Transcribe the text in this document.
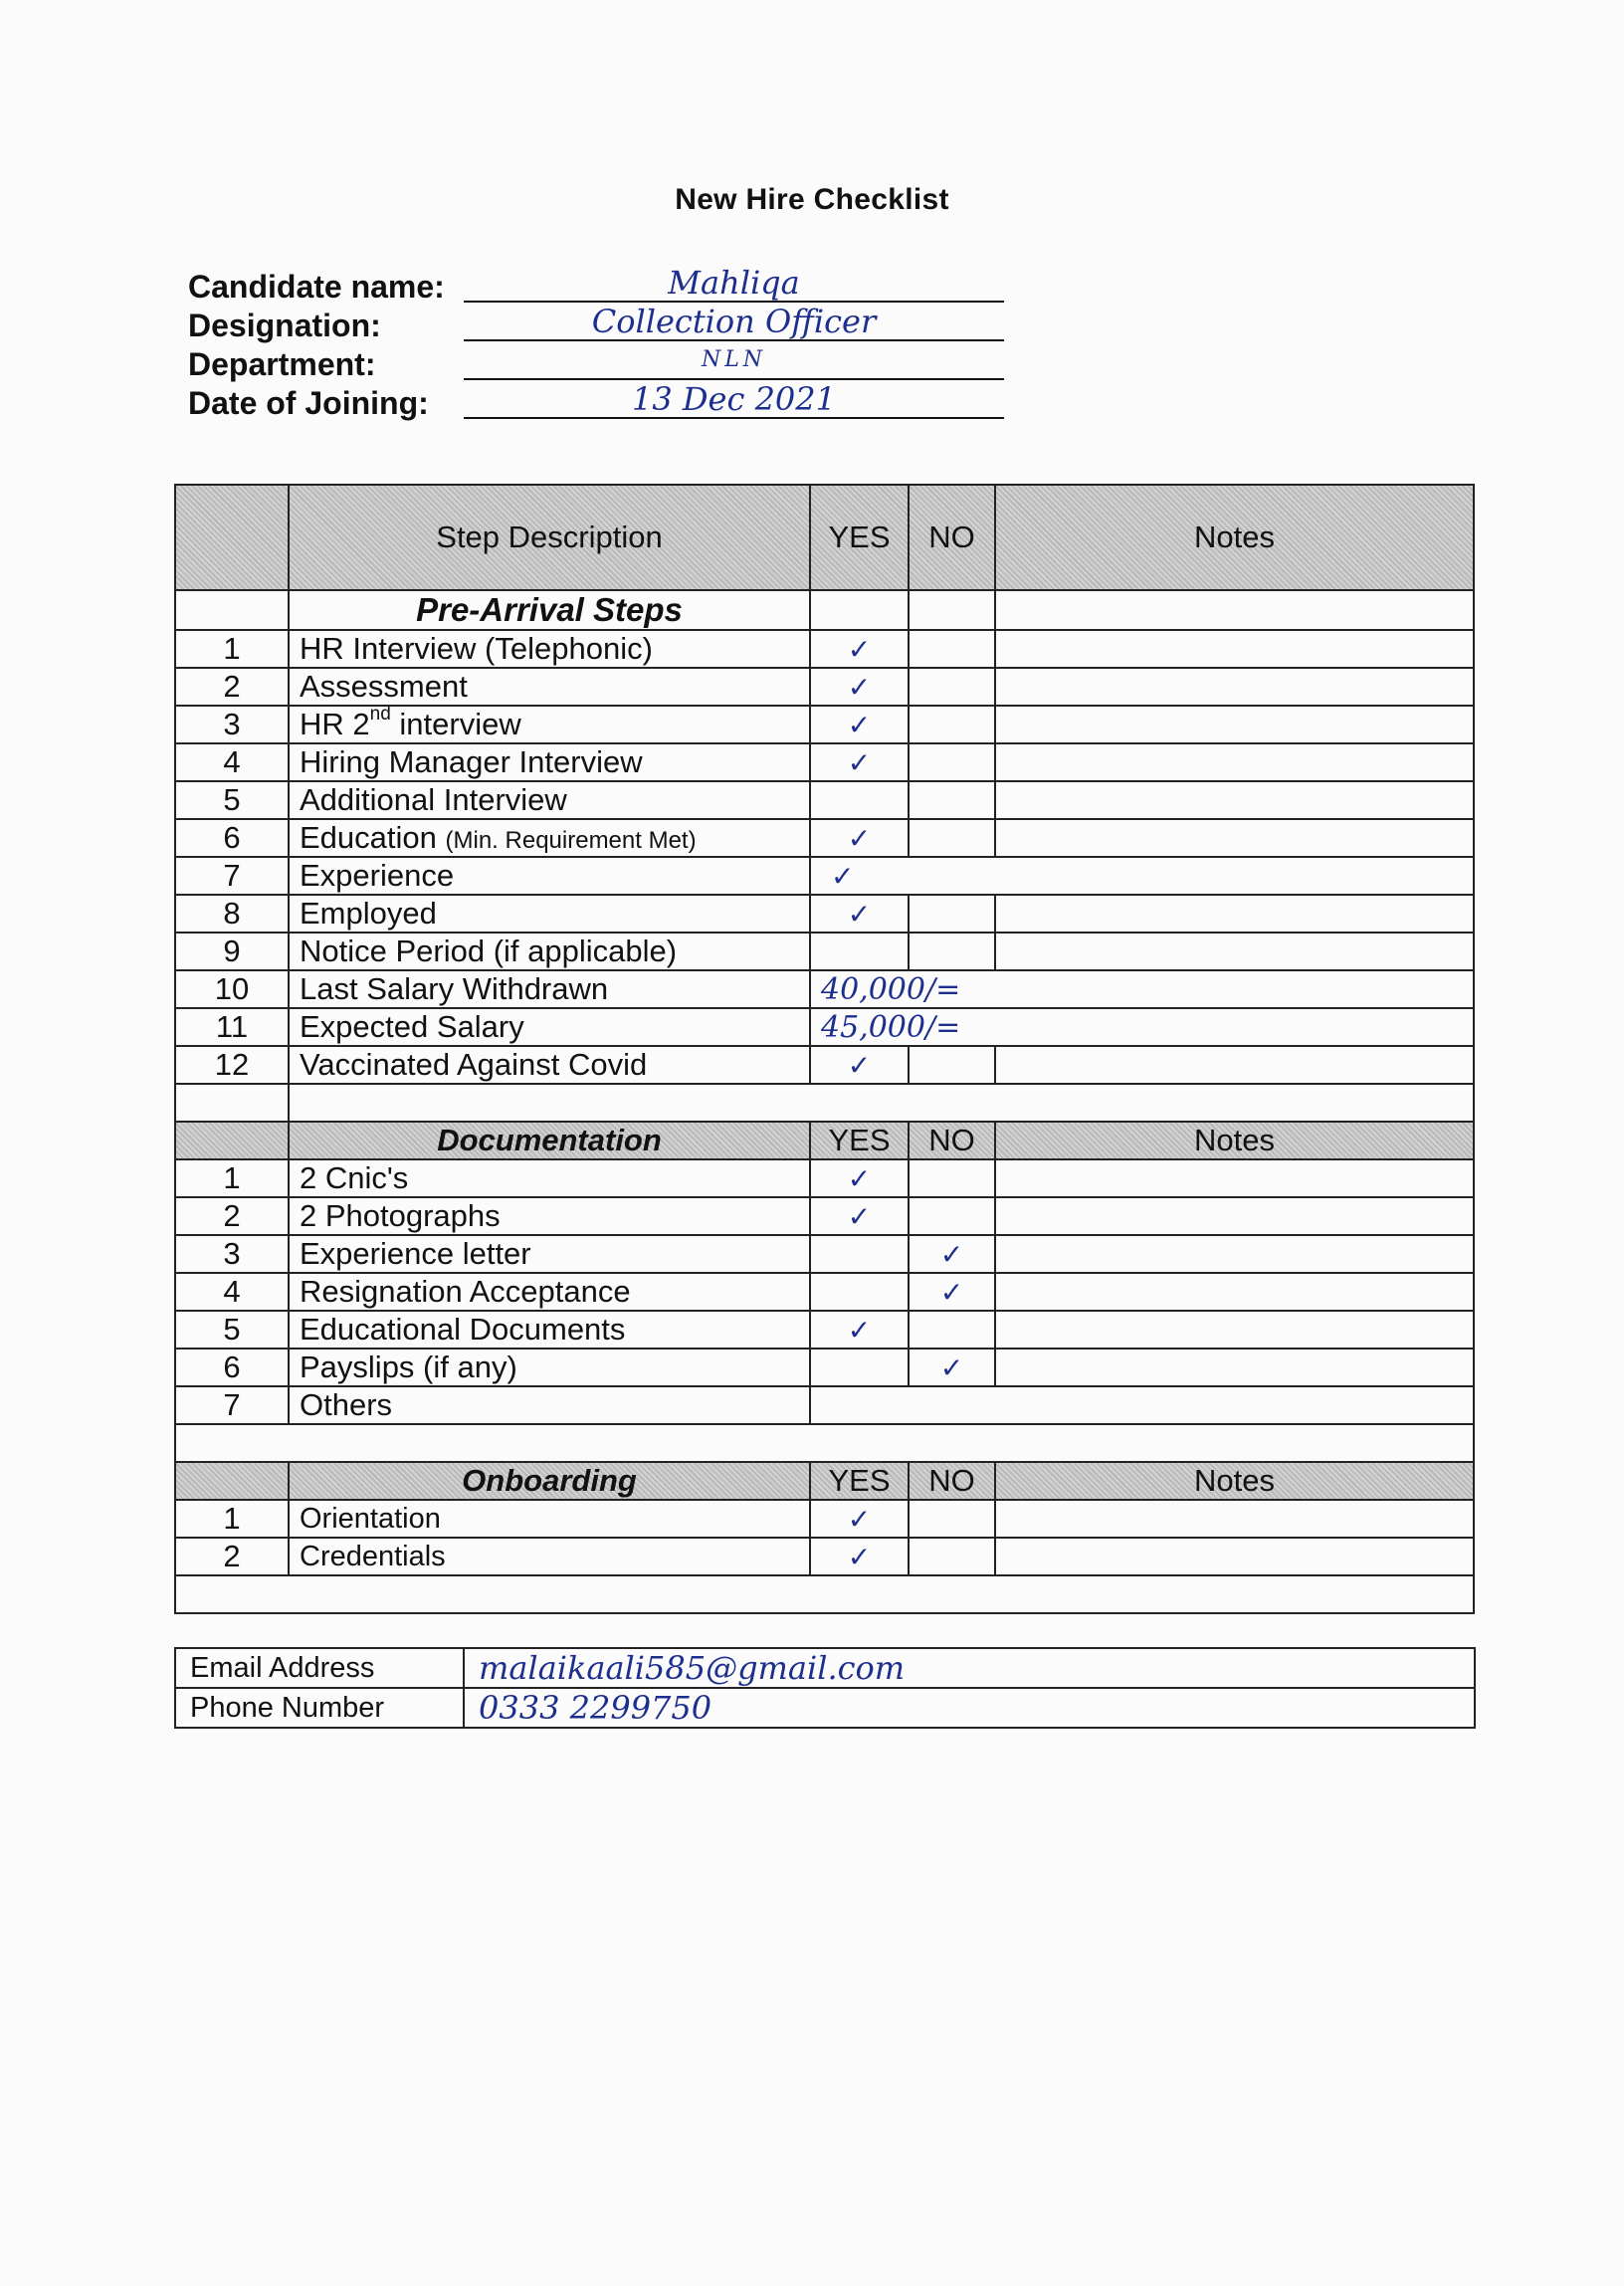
New Hire Checklist
Candidate name:	Mahliqa
Designation:	Collection Officer
Department:	NLN
Date of Joining:	13 Dec 2021
	Step Description	YES	NO	Notes
	Pre-Arrival Steps			
1	HR Interview (Telephonic)	✓		
2	Assessment	✓		
3	HR 2nd interview	✓		
4	Hiring Manager Interview	✓		
5	Additional Interview			
6	Education (Min. Requirement Met)	✓		
7	Experience	✓		
8	Employed	✓		
9	Notice Period (if applicable)			
10	Last Salary Withdrawn	40,000/=		
11	Expected Salary	45,000/=		
12	Vaccinated Against Covid	✓		

	Documentation	YES	NO	Notes
1	2 Cnic's	✓		
2	2 Photographs	✓		
3	Experience letter		✓	
4	Resignation Acceptance		✓	
5	Educational Documents	✓		
6	Payslips (if any)		✓	
7	Others			

	Onboarding	YES	NO	Notes
1	Orientation	✓		
2	Credentials	✓		

Email Address	malaikaali585@gmail.com
Phone Number	0333 2299750
